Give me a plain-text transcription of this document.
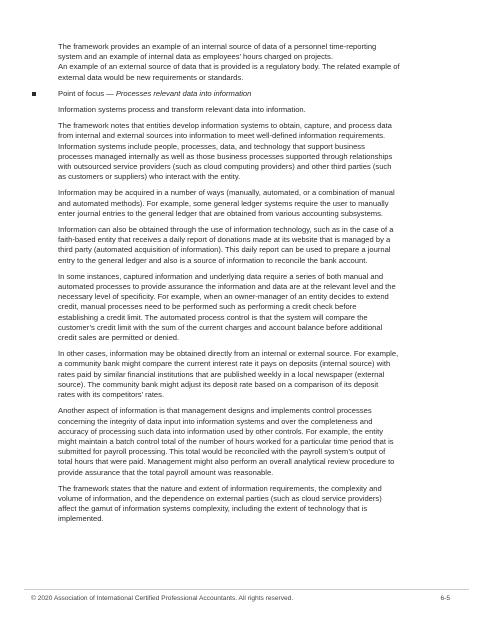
The framework provides an example of an internal source of data of a personnel time-reporting
system and an example of internal data as employees’ hours charged on projects.
An example of an external source of data that is provided is a regulatory body. The related example of
external data would be new requirements or standards.

Point of focus — Processes relevant data into information

Information systems process and transform relevant data into information.

The framework notes that entities develop information systems to obtain, capture, and process data
from internal and external sources into information to meet well-defined information requirements.
Information systems include people, processes, data, and technology that support business
processes managed internally as well as those business processes supported through relationships
with outsourced service providers (such as cloud computing providers) and other third parties (such
as customers or suppliers) who interact with the entity.

Information may be acquired in a number of ways (manually, automated, or a combination of manual
and automated methods). For example, some general ledger systems require the user to manually
enter journal entries to the general ledger that are obtained from various accounting subsystems.

Information can also be obtained through the use of information technology, such as in the case of a
faith-based entity that receives a daily report of donations made at its website that is managed by a
third party (automated acquisition of information). This daily report can be used to prepare a journal
entry to the general ledger and also is a source of information to reconcile the bank account.

In some instances, captured information and underlying data require a series of both manual and
automated processes to provide assurance the information and data are at the relevant level and the
necessary level of specificity. For example, when an owner-manager of an entity decides to extend
credit, manual processes need to be performed such as performing a credit check before
establishing a credit limit. The automated process control is that the system will compare the
customer’s credit limit with the sum of the current charges and account balance before additional
credit sales are permitted or denied.

In other cases, information may be obtained directly from an internal or external source. For example,
a community bank might compare the current interest rate it pays on deposits (internal source) with
rates paid by similar financial institutions that are published weekly in a local newspaper (external
source). The community bank might adjust its deposit rate based on a comparison of its deposit
rates with its competitors’ rates.

Another aspect of information is that management designs and implements control processes
concerning the integrity of data input into information systems and over the completeness and
accuracy of processing such data into information used by other controls. For example, the entity
might maintain a batch control total of the number of hours worked for a particular time period that is
submitted for payroll processing. This total would be reconciled with the payroll system’s output of
total hours that were paid. Management might also perform an overall analytical review procedure to
provide assurance that the total payroll amount was reasonable.

The framework states that the nature and extent of information requirements, the complexity and
volume of information, and the dependence on external parties (such as cloud service providers)
affect the gamut of information systems complexity, including the extent of technology that is
implemented.

© 2020 Association of International Certified Professional Accountants. All rights reserved.	6-5
